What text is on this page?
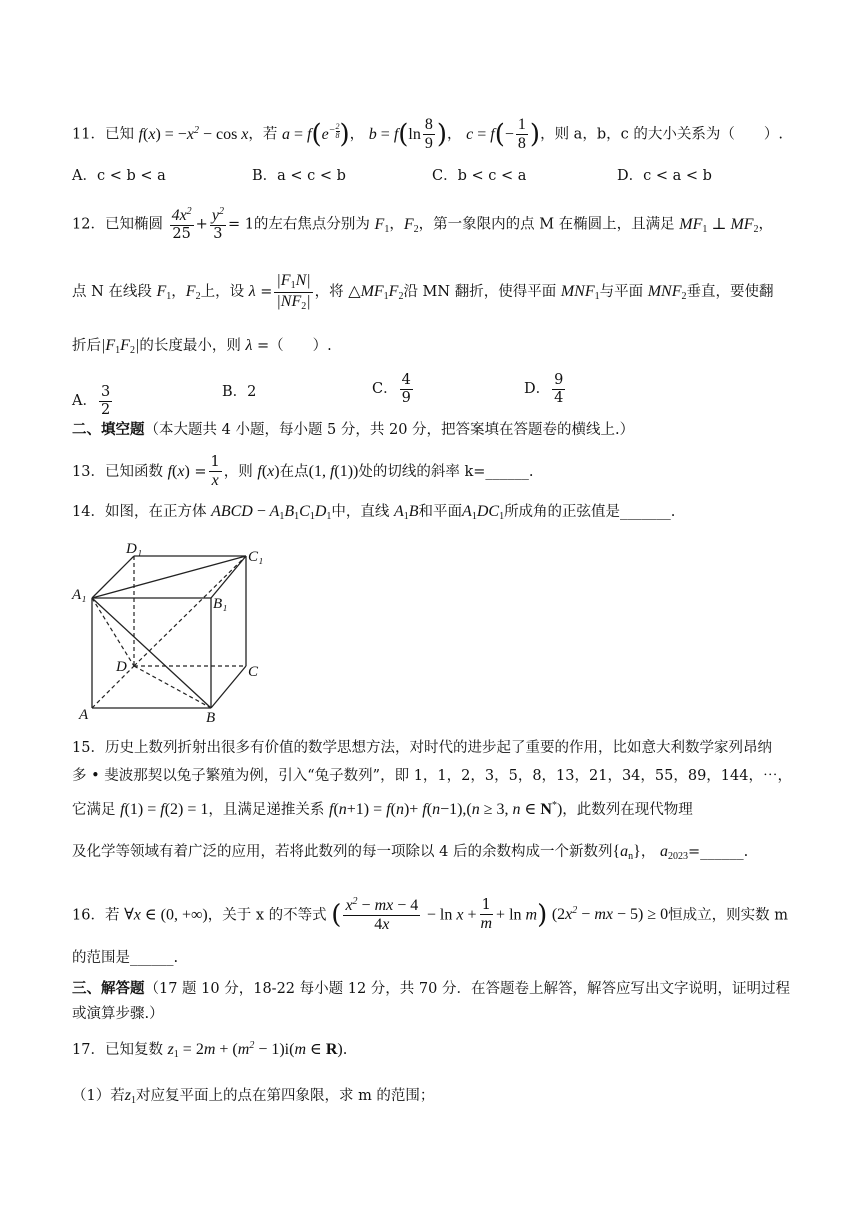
11．已知 $f(x) = -x^2 - \cos x$，若 $a = f(e^{- \frac{2}{8}}$ )， $b = f(\ln \frac{8}{9}$ )， $c = f(- \frac{1}{8}$ )，则 a，b，c 的大小关系为（　　）.
A．c < b < a	B．a < c < b	C．b < c < a	D．c < a < b
12．已知椭圆 $\frac{4x^2}{25} + \frac{y^2}{3} = 1$的左右焦点分别为 $F_1$，$F_2$，第一象限内的点 M 在椭圆上，且满足 $MF_1$ ⊥ $MF_2$，
点 N 在线段 $F_1$，$F_2$上，设 $\lambda = \frac{|F_1N|}{|NF_2|}$ ，将 $\triangle MF_1F_2$沿 MN 翻折，使得平面 $MNF_1$与平面 $MNF_2$垂直，要使翻
折后$|F_1F_2|$的长度最小，则 λ =（　　）.
A． $\frac{3}{2}$	B．2	C． $\frac{4}{9}$	D． $\frac{9}{4}$
二、填空题（本大题共 4 小题，每小题 5 分，共 20 分，把答案填在答题卷的横线上.）
13．已知函数 $f(x) = \frac{1}{x}$ ，则 f(x)在点(1, f(1))处的切线的斜率 k=______.
14．如图，在正方体 ABCD − $A_1B_1C_1D_1$中，直线 $A_1B$和平面$A_1DC_1$所成角的正弦值是_______.
D₁	C₁
A₁
B₁
D	C
A	B
15．历史上数列折射出很多有价值的数学思想方法，对时代的进步起了重要的作用，比如意大利数学家列昂纳
多 • 斐波那契以兔子繁殖为例，引入“兔子数列”，即 1，1，2，3，5，8，13，21，34，55，89，144，⋯，
它满足 f(1) = f(2) = 1，且满足递推关系 f(n+1) = f(n)+ f(n−1),(n ≥ 3, n ∈ N*)，此数列在现代物理
及化学等领域有着广泛的应用，若将此数列的每一项除以 4 后的余数构成一个新数列$\{a_n\}$， $a_{2023}=\_\_\_\_\_\_$.
16．若 ∀x ∈ (0, +∞)，关于 x 的不等式 ( $\frac{x^2 - mx - 4}{4x} - \ln x + \frac{1}{m} + \ln m$) ($2x^2$ − mx − 5) ≥ 0恒成立，则实数 m
的范围是______.
三、解答题（17 题 10 分，18-22 每小题 12 分，共 70 分．在答题卷上解答，解答应写出文字说明，证明过程
或演算步骤.）
17．已知复数 $z_1 = 2m + (m^2 - 1)i(m$ ∈ R).
（1）若$z_1$对应复平面上的点在第四象限，求 m 的范围；
